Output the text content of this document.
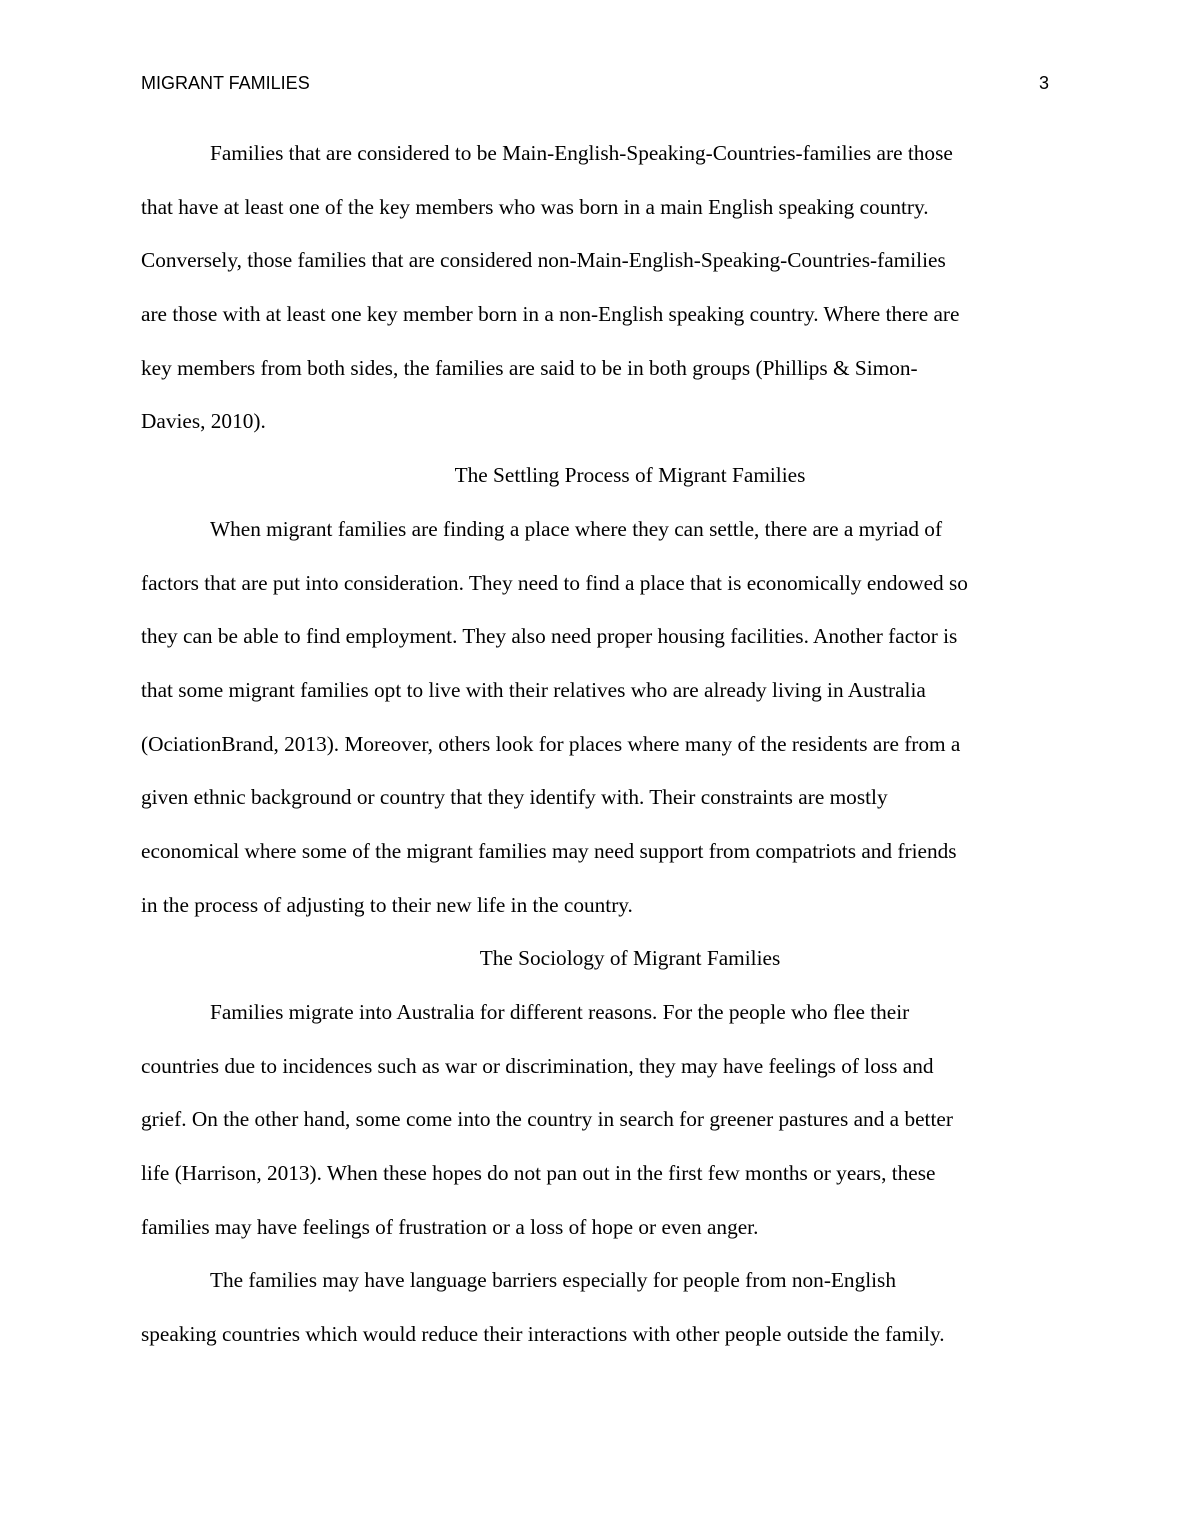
MIGRANT FAMILIES	3
Families that are considered to be Main-English-Speaking-Countries-families are those
that have at least one of the key members who was born in a main English speaking country.
Conversely, those families that are considered non-Main-English-Speaking-Countries-families
are those with at least one key member born in a non-English speaking country. Where there are
key members from both sides, the families are said to be in both groups (Phillips & Simon-
Davies, 2010).
The Settling Process of Migrant Families
When migrant families are finding a place where they can settle, there are a myriad of
factors that are put into consideration. They need to find a place that is economically endowed so
they can be able to find employment. They also need proper housing facilities. Another factor is
that some migrant families opt to live with their relatives who are already living in Australia
(OciationBrand, 2013). Moreover, others look for places where many of the residents are from a
given ethnic background or country that they identify with. Their constraints are mostly
economical where some of the migrant families may need support from compatriots and friends
in the process of adjusting to their new life in the country.
The Sociology of Migrant Families
Families migrate into Australia for different reasons. For the people who flee their
countries due to incidences such as war or discrimination, they may have feelings of loss and
grief. On the other hand, some come into the country in search for greener pastures and a better
life (Harrison, 2013). When these hopes do not pan out in the first few months or years, these
families may have feelings of frustration or a loss of hope or even anger.
The families may have language barriers especially for people from non-English
speaking countries which would reduce their interactions with other people outside the family.
